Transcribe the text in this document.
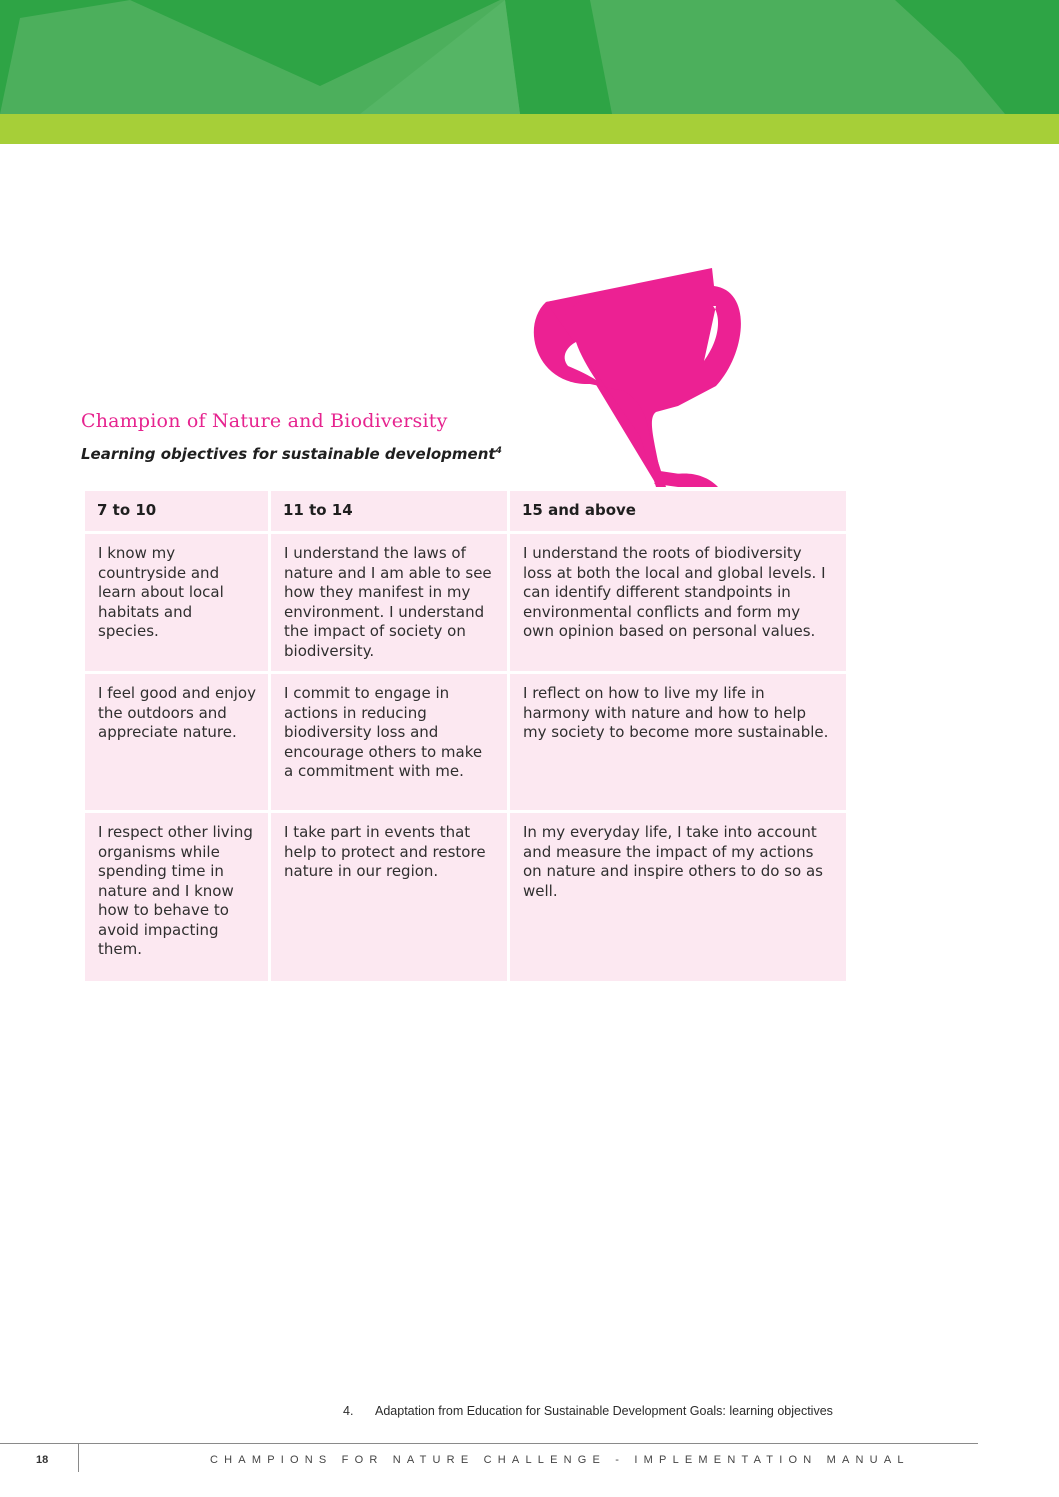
Champion of Nature and Biodiversity

Learning objectives for sustainable development$^4$

7 to 10	11 to 14	15 and above
I know my countryside and learn about local habitats and species.	I understand the laws of nature and I am able to see how they manifest in my environment. I understand the impact of society on biodiversity.	I understand the roots of biodiversity loss at both the local and global levels. I can identify different standpoints in environmental conflicts and form my own opinion based on personal values.
I feel good and enjoy the outdoors and appreciate nature.	I commit to engage in actions in reducing biodiversity loss and encourage others to make a commitment with me.	I reflect on how to live my life in harmony with nature and how to help my society to become more sustainable.
I respect other living organisms while spending time in nature and I know how to behave to avoid impacting them.	I take part in events that help to protect and restore nature in our region.	In my everyday life, I take into account and measure the impact of my actions on nature and inspire others to do so as well.

4. Adaptation from Education for Sustainable Development Goals: learning objectives

18	CHAMPIONS FOR NATURE CHALLENGE - IMPLEMENTATION MANUAL
